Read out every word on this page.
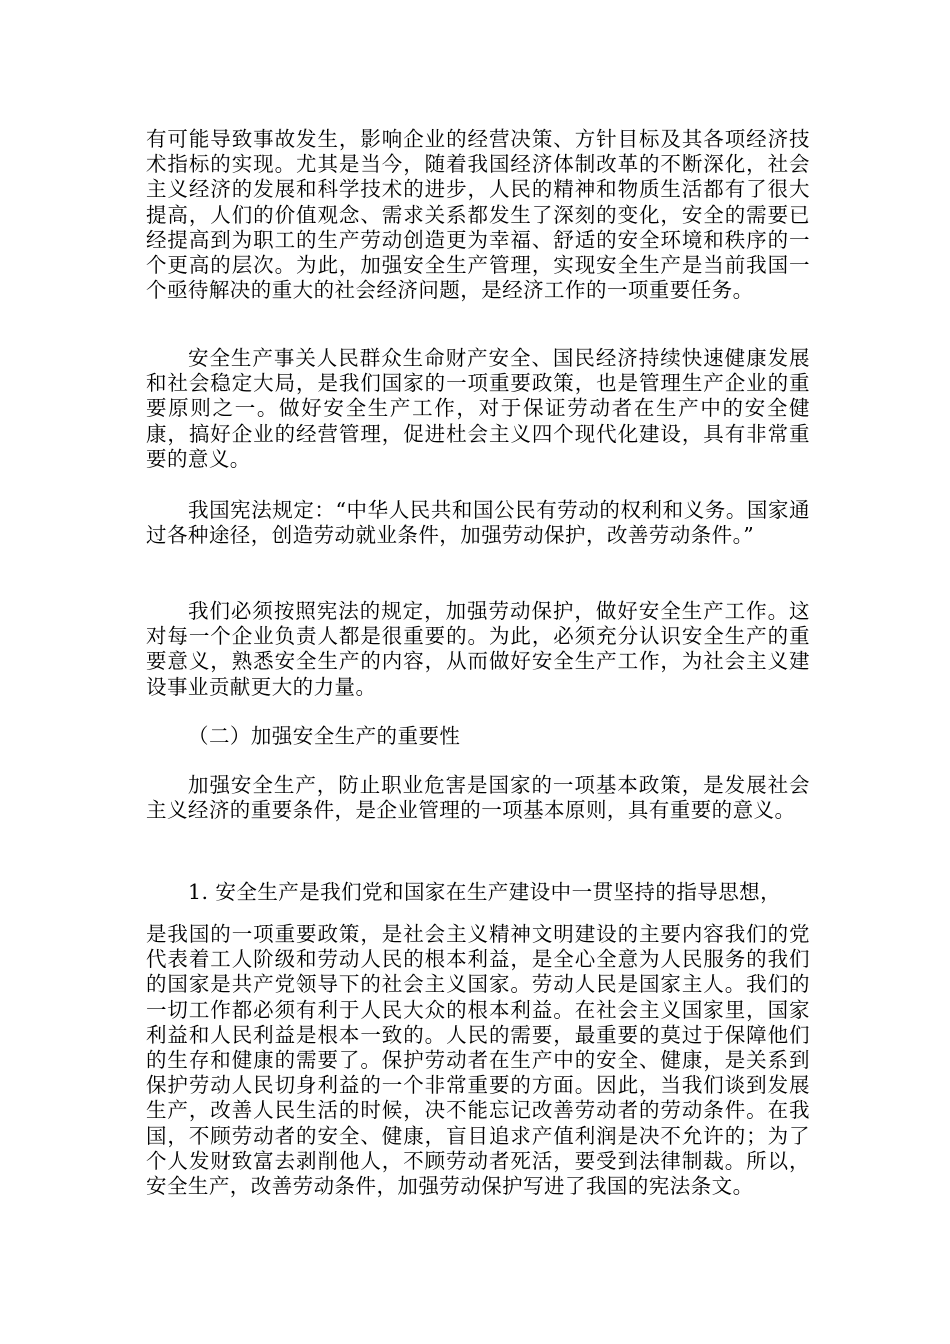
有可能导致事故发生，影响企业的经营决策、方针目标及其各项经济技术指标的实现。尤其是当今，随着我国经济体制改革的不断深化，社会主义经济的发展和科学技术的进步，人民的精神和物质生活都有了很大提高，人们的价值观念、需求关系都发生了深刻的变化，安全的需要已经提高到为职工的生产劳动创造更为幸福、舒适的安全环境和秩序的一个更高的层次。为此，加强安全生产管理，实现安全生产是当前我国一个亟待解决的重大的社会经济问题，是经济工作的一项重要任务。

安全生产事关人民群众生命财产安全、国民经济持续快速健康发展和社会稳定大局，是我们国家的一项重要政策，也是管理生产企业的重要原则之一。做好安全生产工作，对于保证劳动者在生产中的安全健康，搞好企业的经营管理，促进杜会主义四个现代化建设，具有非常重要的意义。

我国宪法规定：“中华人民共和国公民有劳动的权利和义务。国家通过各种途径，创造劳动就业条件，加强劳动保护，改善劳动条件。”

我们必须按照宪法的规定，加强劳动保护，做好安全生产工作。这对每一个企业负责人都是很重要的。为此，必须充分认识安全生产的重要意义，熟悉安全生产的内容，从而做好安全生产工作，为社会主义建设事业贡献更大的力量。

（二）加强安全生产的重要性

加强安全生产，防止职业危害是国家的一项基本政策，是发展社会主义经济的重要条件，是企业管理的一项基本原则，具有重要的意义。

1. 安全生产是我们党和国家在生产建设中一贯坚持的指导思想，

是我国的一项重要政策，是社会主义精神文明建设的主要内容我们的党代表着工人阶级和劳动人民的根本利益，是全心全意为人民服务的我们的国家是共产党领导下的社会主义国家。劳动人民是国家主人。我们的一切工作都必须有利于人民大众的根本利益。在社会主义国家里，国家利益和人民利益是根本一致的。人民的需要，最重要的莫过于保障他们的生存和健康的需要了。保护劳动者在生产中的安全、健康，是关系到保护劳动人民切身利益的一个非常重要的方面。因此，当我们谈到发展生产，改善人民生活的时候，决不能忘记改善劳动者的劳动条件。在我国，不顾劳动者的安全、健康，盲目追求产值利润是决不允许的；为了个人发财致富去剥削他人，不顾劳动者死活，要受到法律制裁。所以，安全生产，改善劳动条件，加强劳动保护写进了我国的宪法条文。
